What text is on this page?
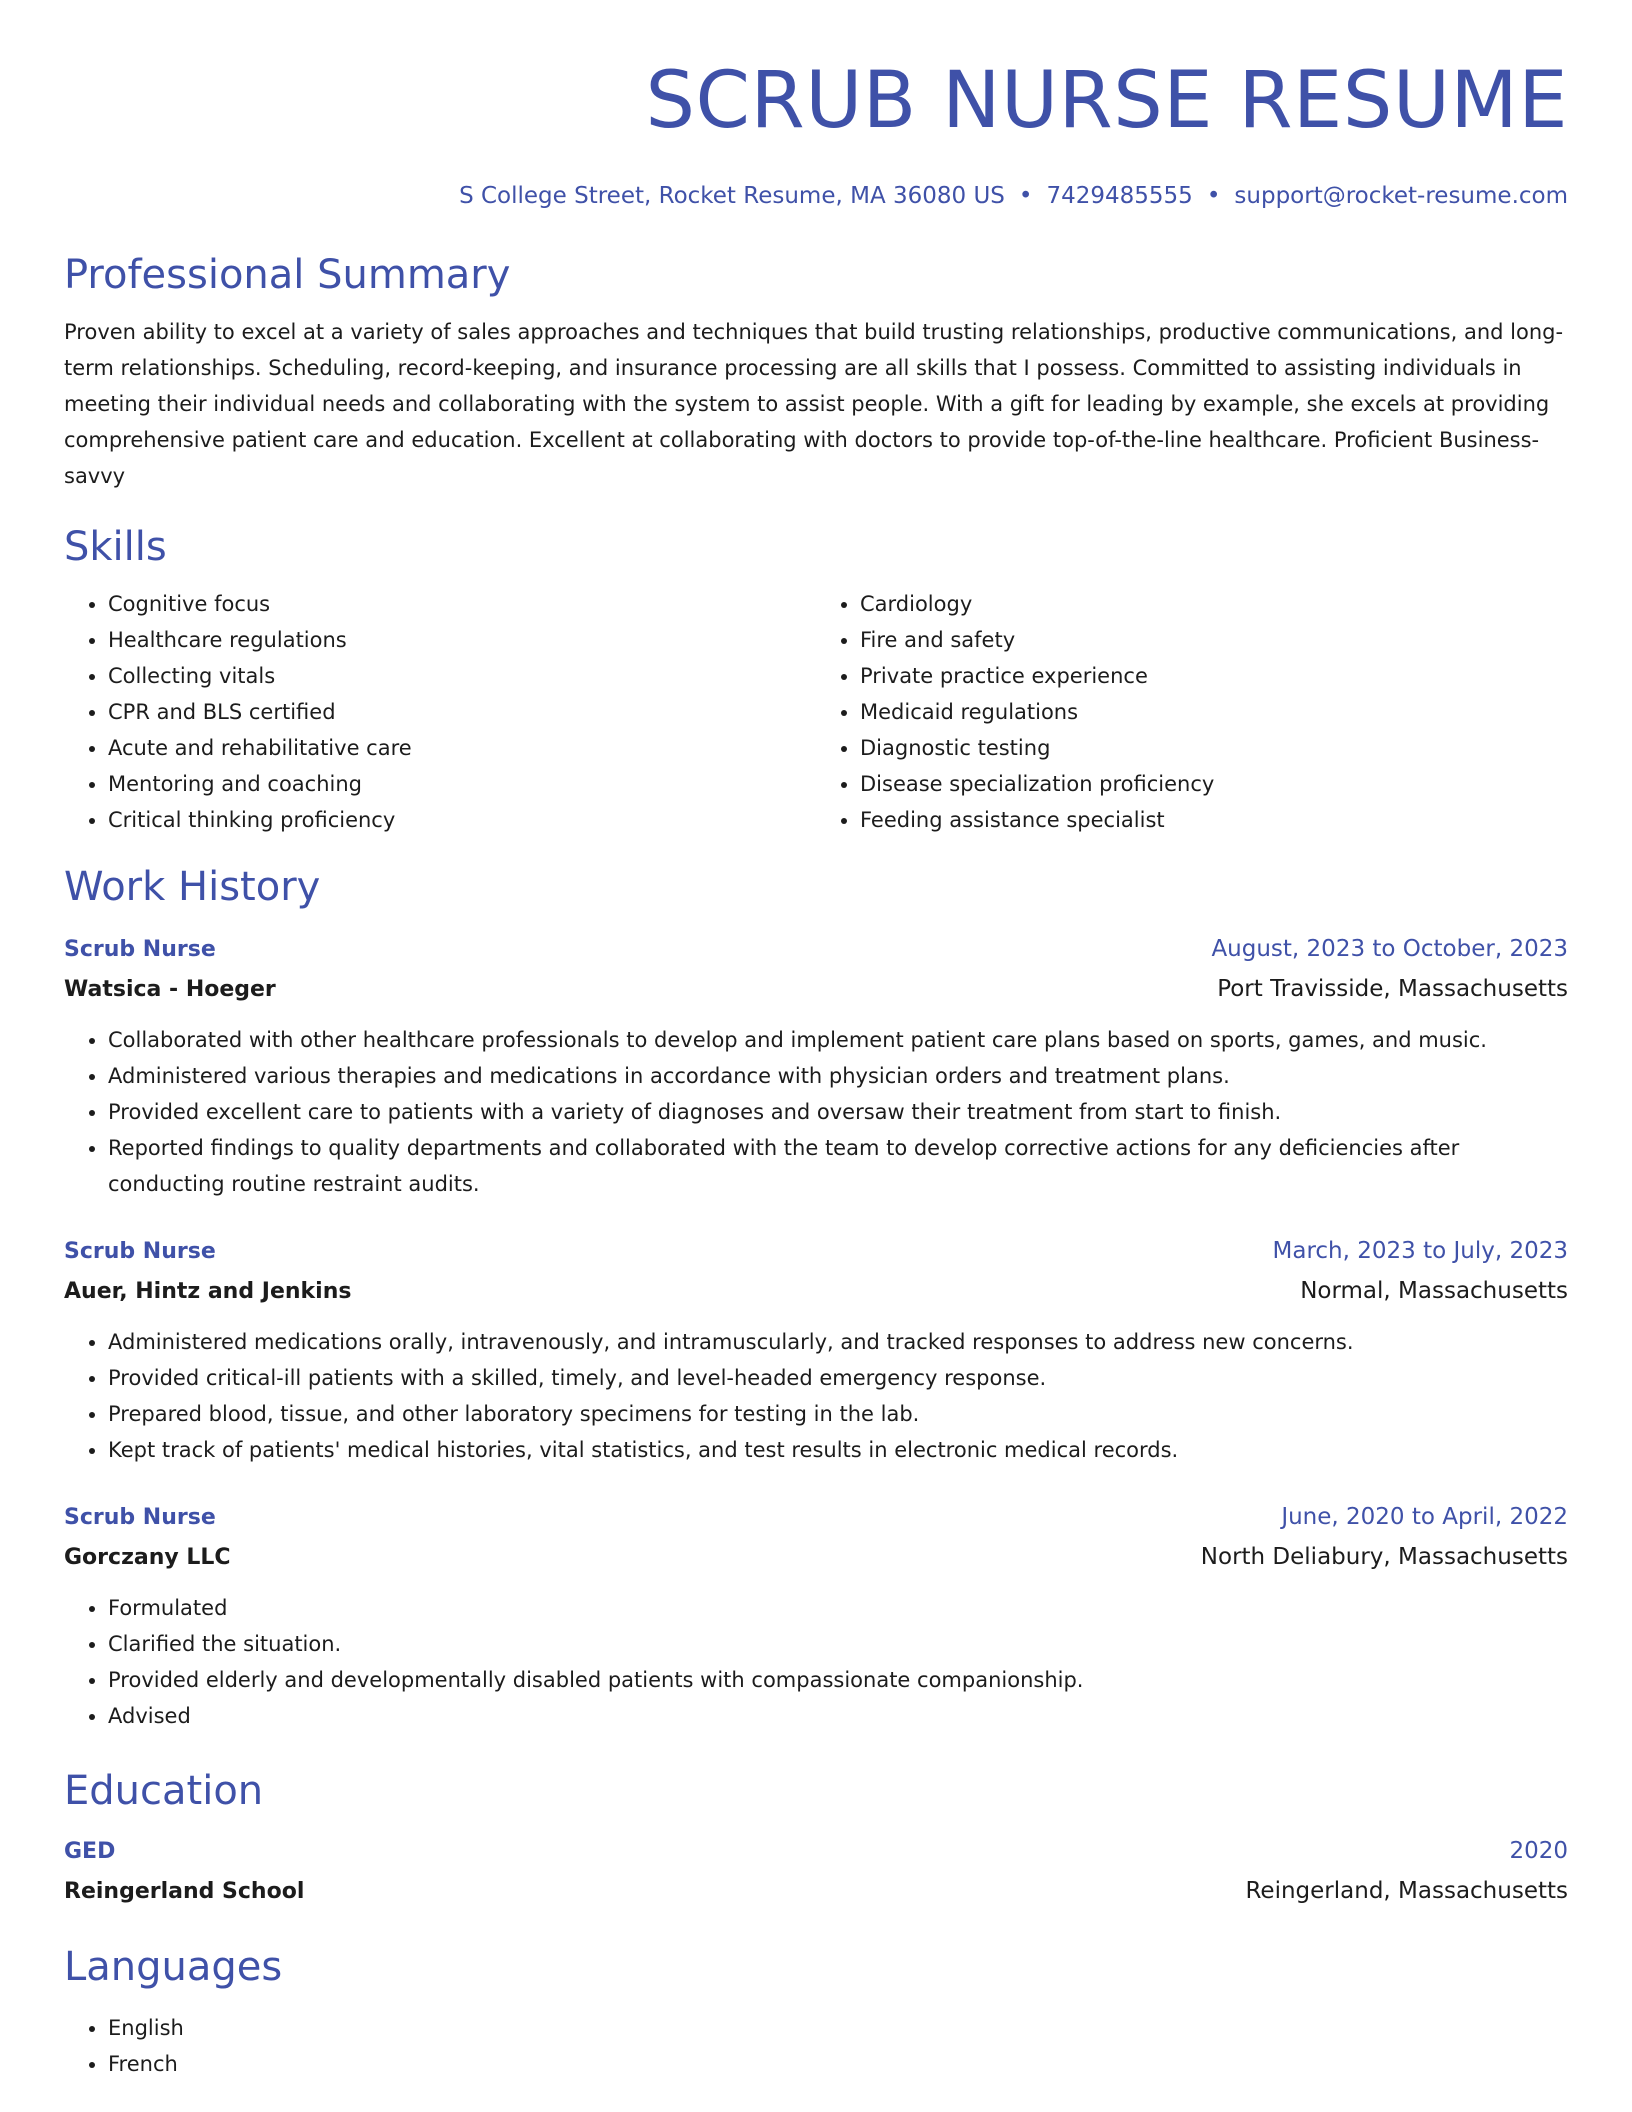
SCRUB NURSE RESUME
S College Street, Rocket Resume, MA 36080 US • 7429485555 • support@rocket-resume.com
Professional Summary

Proven ability to excel at a variety of sales approaches and techniques that build trusting relationships, productive communications, and long-term relationships. Scheduling, record-keeping, and insurance processing are all skills that I possess. Committed to assisting individuals in meeting their individual needs and collaborating with the system to assist people. With a gift for leading by example, she excels at providing comprehensive patient care and education. Excellent at collaborating with doctors to provide top-of-the-line healthcare. Proficient Business-savvy

Skills
• Cognitive focus
• Healthcare regulations
• Collecting vitals
• CPR and BLS certified
• Acute and rehabilitative care
• Mentoring and coaching
• Critical thinking proficiency
• Cardiology
• Fire and safety
• Private practice experience
• Medicaid regulations
• Diagnostic testing
• Disease specialization proficiency
• Feeding assistance specialist
Work History
Scrub Nurse	August, 2023 to October, 2023
Watsica - Hoeger	Port Travisside, Massachusetts
• Collaborated with other healthcare professionals to develop and implement patient care plans based on sports, games, and music.
• Administered various therapies and medications in accordance with physician orders and treatment plans.
• Provided excellent care to patients with a variety of diagnoses and oversaw their treatment from start to finish.
• Reported findings to quality departments and collaborated with the team to develop corrective actions for any deficiencies after conducting routine restraint audits.
Scrub Nurse	March, 2023 to July, 2023
Auer, Hintz and Jenkins	Normal, Massachusetts
• Administered medications orally, intravenously, and intramuscularly, and tracked responses to address new concerns.
• Provided critical-ill patients with a skilled, timely, and level-headed emergency response.
• Prepared blood, tissue, and other laboratory specimens for testing in the lab.
• Kept track of patients' medical histories, vital statistics, and test results in electronic medical records.
Scrub Nurse	June, 2020 to April, 2022
Gorczany LLC	North Deliabury, Massachusetts
• Formulated
• Clarified the situation.
• Provided elderly and developmentally disabled patients with compassionate companionship.
• Advised
Education
GED	2020
Reingerland School	Reingerland, Massachusetts
Languages
• English
• French
